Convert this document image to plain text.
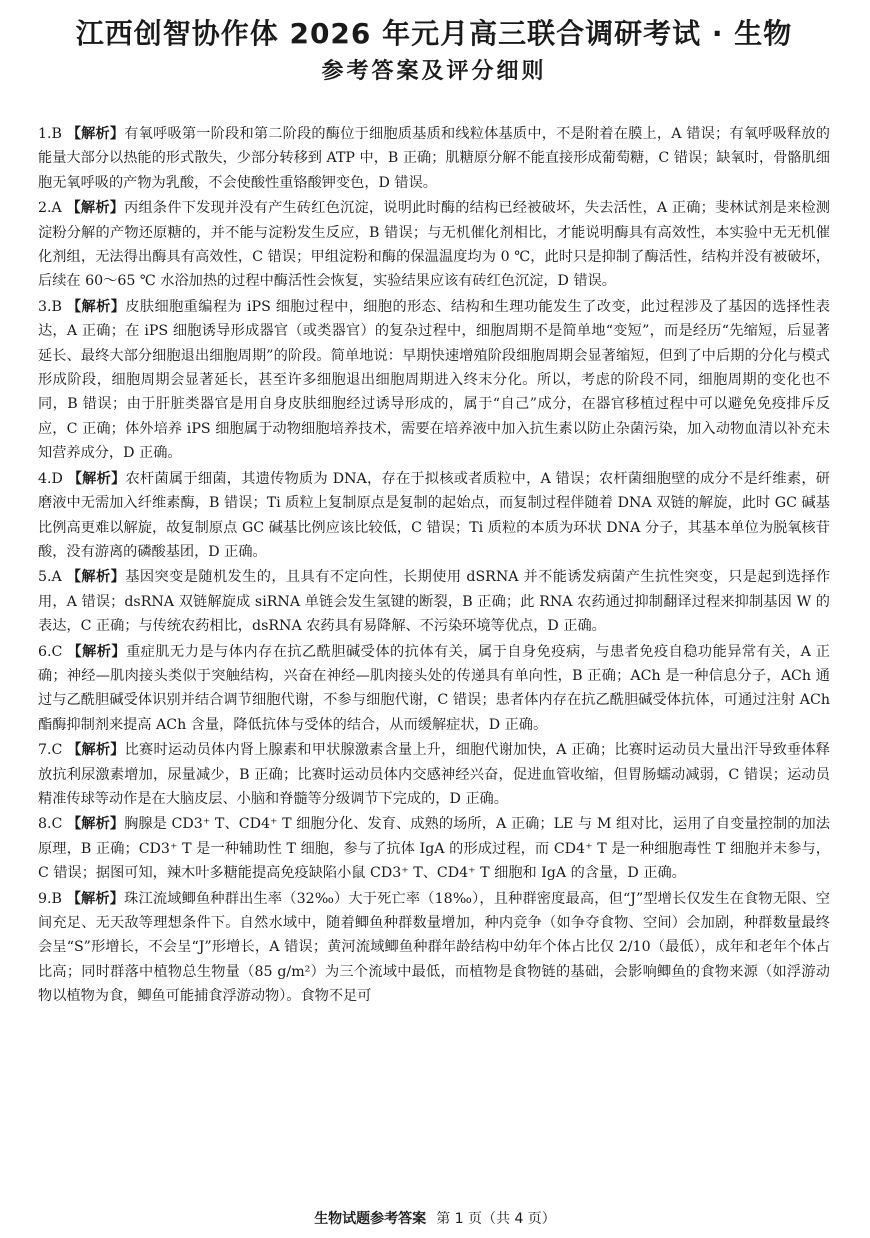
江西创智协作体 2026 年元月高三联合调研考试 · 生物
参考答案及评分细则

1.B 【解析】有氧呼吸第一阶段和第二阶段的酶位于细胞质基质和线粒体基质中，不是附着在膜上，A 错误；有氧呼吸释放的能量大部分以热能的形式散失，少部分转移到 ATP 中，B 正确；肌糖原分解不能直接形成葡萄糖，C 错误；缺氧时，骨骼肌细胞无氧呼吸的产物为乳酸，不会使酸性重铬酸钾变色，D 错误。

2.A 【解析】丙组条件下发现并没有产生砖红色沉淀，说明此时酶的结构已经被破坏，失去活性，A 正确；斐林试剂是来检测淀粉分解的产物还原糖的，并不能与淀粉发生反应，B 错误；与无机催化剂相比，才能说明酶具有高效性，本实验中无无机催化剂组，无法得出酶具有高效性，C 错误；甲组淀粉和酶的保温温度均为 0 ℃，此时只是抑制了酶活性，结构并没有被破坏，后续在 60～65 ℃ 水浴加热的过程中酶活性会恢复，实验结果应该有砖红色沉淀，D 错误。

3.B 【解析】皮肤细胞重编程为 iPS 细胞过程中，细胞的形态、结构和生理功能发生了改变，此过程涉及了基因的选择性表达，A 正确；在 iPS 细胞诱导形成器官（或类器官）的复杂过程中，细胞周期不是简单地“变短”，而是经历“先缩短，后显著延长、最终大部分细胞退出细胞周期”的阶段。简单地说：早期快速增殖阶段细胞周期会显著缩短，但到了中后期的分化与模式形成阶段，细胞周期会显著延长，甚至许多细胞退出细胞周期进入终末分化。所以，考虑的阶段不同，细胞周期的变化也不同，B 错误；由于肝脏类器官是用自身皮肤细胞经过诱导形成的，属于“自己”成分，在器官移植过程中可以避免免疫排斥反应，C 正确；体外培养 iPS 细胞属于动物细胞培养技术，需要在培养液中加入抗生素以防止杂菌污染，加入动物血清以补充未知营养成分，D 正确。

4.D 【解析】农杆菌属于细菌，其遗传物质为 DNA，存在于拟核或者质粒中，A 错误；农杆菌细胞壁的成分不是纤维素，研磨液中无需加入纤维素酶，B 错误；Ti 质粒上复制原点是复制的起始点，而复制过程伴随着 DNA 双链的解旋，此时 GC 碱基比例高更难以解旋，故复制原点 GC 碱基比例应该比较低，C 错误；Ti 质粒的本质为环状 DNA 分子，其基本单位为脱氧核苷酸，没有游离的磷酸基团，D 正确。

5.A 【解析】基因突变是随机发生的，且具有不定向性，长期使用 dSRNA 并不能诱发病菌产生抗性突变，只是起到选择作用，A 错误；dsRNA 双链解旋成 siRNA 单链会发生氢键的断裂，B 正确；此 RNA 农药通过抑制翻译过程来抑制基因 W 的表达，C 正确；与传统农药相比，dsRNA 农药具有易降解、不污染环境等优点，D 正确。

6.C 【解析】重症肌无力是与体内存在抗乙酰胆碱受体的抗体有关，属于自身免疫病，与患者免疫自稳功能异常有关，A 正确；神经—肌肉接头类似于突触结构，兴奋在神经—肌肉接头处的传递具有单向性，B 正确；ACh 是一种信息分子，ACh 通过与乙酰胆碱受体识别并结合调节细胞代谢，不参与细胞代谢，C 错误；患者体内存在抗乙酰胆碱受体抗体，可通过注射 ACh 酯酶抑制剂来提高 ACh 含量，降低抗体与受体的结合，从而缓解症状，D 正确。

7.C 【解析】比赛时运动员体内肾上腺素和甲状腺激素含量上升，细胞代谢加快，A 正确；比赛时运动员大量出汗导致垂体释放抗利尿激素增加，尿量减少，B 正确；比赛时运动员体内交感神经兴奋，促进血管收缩，但胃肠蠕动减弱，C 错误；运动员精准传球等动作是在大脑皮层、小脑和脊髓等分级调节下完成的，D 正确。

8.C 【解析】胸腺是 CD3⁺ T、CD4⁺ T 细胞分化、发育、成熟的场所，A 正确；LE 与 M 组对比，运用了自变量控制的加法原理，B 正确；CD3⁺ T 是一种辅助性 T 细胞，参与了抗体 IgA 的形成过程，而 CD4⁺ T 是一种细胞毒性 T 细胞并未参与，C 错误；据图可知，辣木叶多糖能提高免疫缺陷小鼠 CD3⁺ T、CD4⁺ T 细胞和 IgA 的含量，D 正确。

9.B 【解析】珠江流域鲫鱼种群出生率（32‰）大于死亡率（18‰），且种群密度最高，但“J”型增长仅发生在食物无限、空间充足、无天敌等理想条件下。自然水域中，随着鲫鱼种群数量增加，种内竞争（如争夺食物、空间）会加剧，种群数量最终会呈“S”形增长，不会呈“J”形增长，A 错误；黄河流域鲫鱼种群年龄结构中幼年个体占比仅 2/10（最低），成年和老年个体占比高；同时群落中植物总生物量（85 g/m²）为三个流域中最低，而植物是食物链的基础，会影响鲫鱼的食物来源（如浮游动物以植物为食，鲫鱼可能捕食浮游动物）。食物不足可

生物试题参考答案 第 1 页（共 4 页）
